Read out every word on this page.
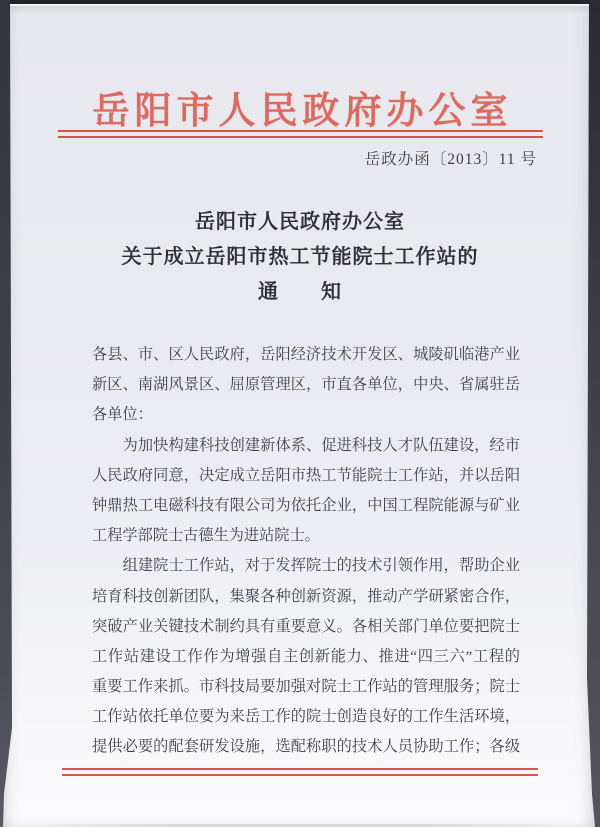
岳阳市人民政府办公室
岳政办函〔2013〕11 号
岳阳市人民政府办公室
关于成立岳阳市热工节能院士工作站的
通　　知
各县、市、区人民政府，岳阳经济技术开发区、城陵矶临港产业
新区、南湖风景区、屈原管理区，市直各单位，中央、省属驻岳
各单位：
　　为加快构建科技创建新体系、促进科技人才队伍建设，经市
人民政府同意，决定成立岳阳市热工节能院士工作站，并以岳阳
钟鼎热工电磁科技有限公司为依托企业，中国工程院能源与矿业
工程学部院士古德生为进站院士。
　　组建院士工作站，对于发挥院士的技术引领作用，帮助企业
培育科技创新团队，集聚各种创新资源，推动产学研紧密合作，
突破产业关键技术制约具有重要意义。各相关部门单位要把院士
工作站建设工作作为增强自主创新能力、推进“四三六”工程的
重要工作来抓。市科技局要加强对院士工作站的管理服务；院士
工作站依托单位要为来岳工作的院士创造良好的工作生活环境，
提供必要的配套研发设施，选配称职的技术人员协助工作；各级
